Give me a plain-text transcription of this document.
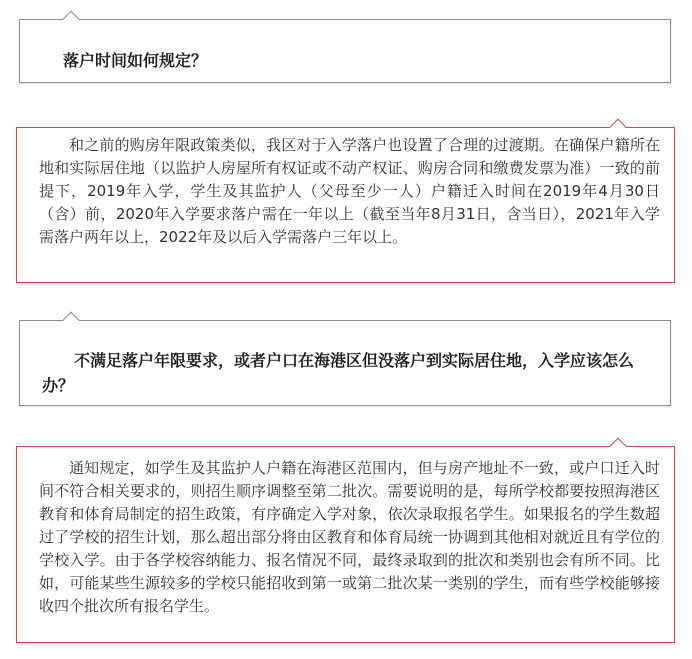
落户时间如何规定？
和之前的购房年限政策类似，我区对于入学落户也设置了合理的过渡期。在确保户籍所在地和实际居住地（以监护人房屋所有权证或不动产权证、购房合同和缴费发票为准）一致的前提下，2019年入学，学生及其监护人（父母至少一人）户籍迁入时间在2019年4月30日（含）前，2020年入学要求落户需在一年以上（截至当年8月31日，含当日），2021年入学需落户两年以上，2022年及以后入学需落户三年以上。
不满足落户年限要求，或者户口在海港区但没落户到实际居住地，入学应该怎么办？
通知规定，如学生及其监护人户籍在海港区范围内，但与房产地址不一致，或户口迁入时间不符合相关要求的，则招生顺序调整至第二批次。需要说明的是，每所学校都要按照海港区教育和体育局制定的招生政策，有序确定入学对象，依次录取报名学生。如果报名的学生数超过了学校的招生计划，那么超出部分将由区教育和体育局统一协调到其他相对就近且有学位的学校入学。由于各学校容纳能力、报名情况不同，最终录取到的批次和类别也会有所不同。比如，可能某些生源较多的学校只能招收到第一或第二批次某一类别的学生，而有些学校能够接收四个批次所有报名学生。
